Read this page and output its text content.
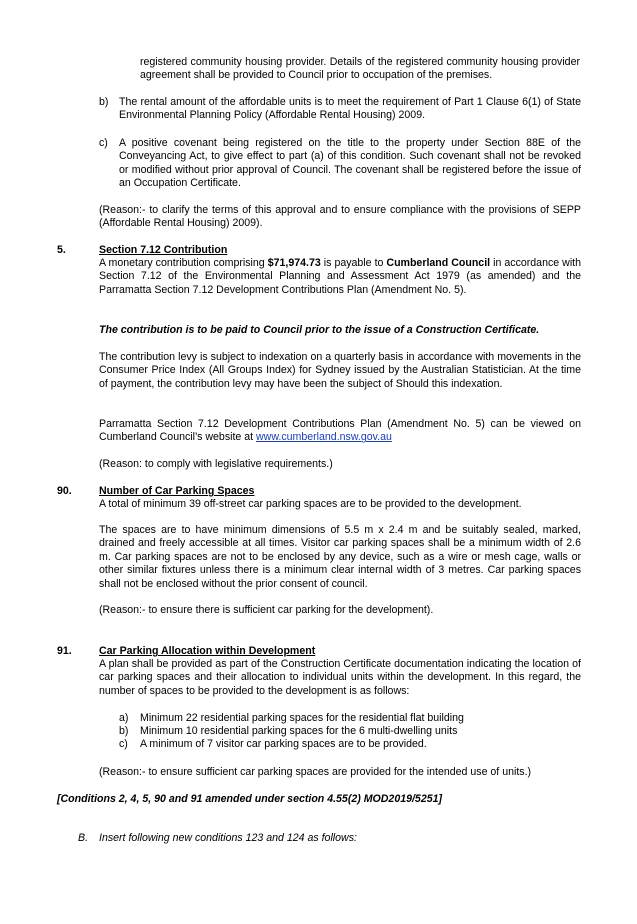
registered community housing provider. Details of the registered community housing provider agreement shall be provided to Council prior to occupation of the premises.

b) The rental amount of the affordable units is to meet the requirement of Part 1 Clause 6(1) of State Environmental Planning Policy (Affordable Rental Housing) 2009.

c) A positive covenant being registered on the title to the property under Section 88E of the Conveyancing Act, to give effect to part (a) of this condition. Such covenant shall not be revoked or modified without prior approval of Council. The covenant shall be registered before the issue of an Occupation Certificate.

(Reason:- to clarify the terms of this approval and to ensure compliance with the provisions of SEPP (Affordable Rental Housing) 2009).

5.	Section 7.12 Contribution

A monetary contribution comprising $71,974.73 is payable to Cumberland Council in accordance with Section 7.12 of the Environmental Planning and Assessment Act 1979 (as amended) and the Parramatta Section 7.12 Development Contributions Plan (Amendment No. 5).

The contribution is to be paid to Council prior to the issue of a Construction Certificate.

The contribution levy is subject to indexation on a quarterly basis in accordance with movements in the Consumer Price Index (All Groups Index) for Sydney issued by the Australian Statistician. At the time of payment, the contribution levy may have been the subject of Should this indexation.

Parramatta Section 7.12 Development Contributions Plan (Amendment No. 5) can be viewed on Cumberland Council’s website at www.cumberland.nsw.gov.au

(Reason: to comply with legislative requirements.)

90.	Number of Car Parking Spaces

A total of minimum 39 off-street car parking spaces are to be provided to the development.

The spaces are to have minimum dimensions of 5.5 m x 2.4 m and be suitably sealed, marked, drained and freely accessible at all times. Visitor car parking spaces shall be a minimum width of 2.6 m. Car parking spaces are not to be enclosed by any device, such as a wire or mesh cage, walls or other similar fixtures unless there is a minimum clear internal width of 3 metres. Car parking spaces shall not be enclosed without the prior consent of council.

(Reason:- to ensure there is sufficient car parking for the development).

91.	Car Parking Allocation within Development

A plan shall be provided as part of the Construction Certificate documentation indicating the location of car parking spaces and their allocation to individual units within the development. In this regard, the number of spaces to be provided to the development is as follows:

a) Minimum 22 residential parking spaces for the residential flat building
b) Minimum 10 residential parking spaces for the 6 multi-dwelling units
c) A minimum of 7 visitor car parking spaces are to be provided.

(Reason:- to ensure sufficient car parking spaces are provided for the intended use of units.)

[Conditions 2, 4, 5, 90 and 91 amended under section 4.55(2) MOD2019/5251]

B. Insert following new conditions 123 and 124 as follows:
